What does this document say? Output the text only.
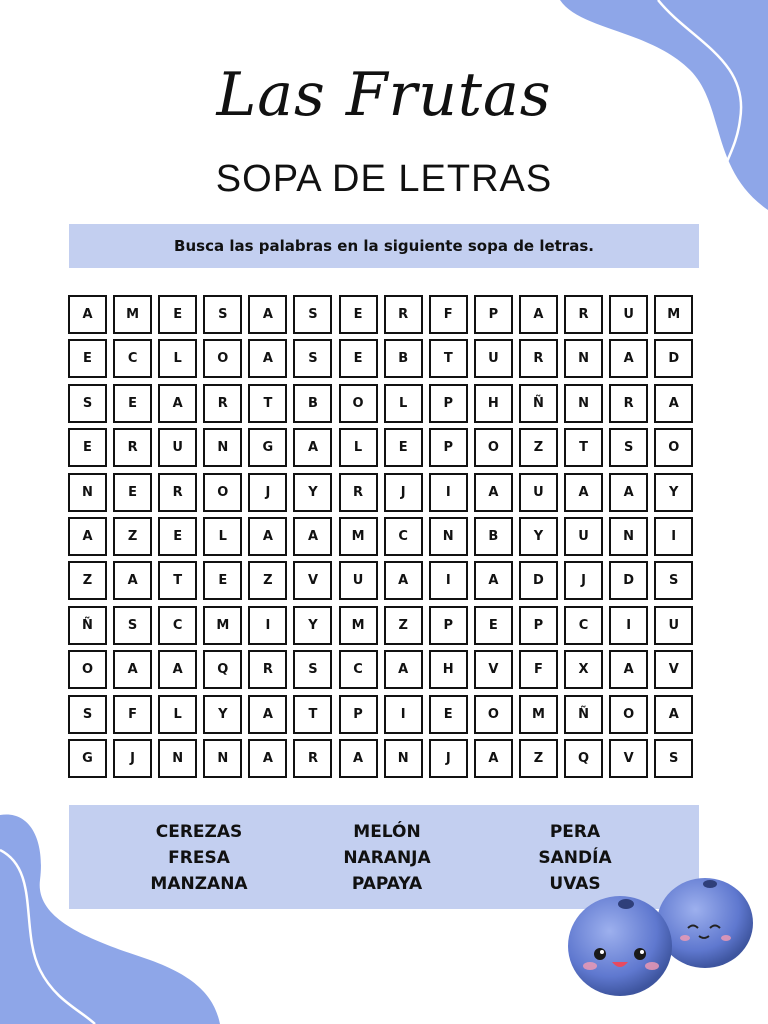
Las Frutas
SOPA DE LETRAS
Busca las palabras en la siguiente sopa de letras.
A	M	E	S	A	S	E	R	F	P	A	R	U	M
E	C	L	O	A	S	E	B	T	U	R	N	A	D
S	E	A	R	T	B	O	L	P	H	Ñ	N	R	A
E	R	U	N	G	A	L	E	P	O	Z	T	S	O
N	E	R	O	J	Y	R	J	I	A	U	A	A	Y
A	Z	E	L	A	A	M	C	N	B	Y	U	N	I
Z	A	T	E	Z	V	U	A	I	A	D	J	D	S
Ñ	S	C	M	I	Y	M	Z	P	E	P	C	I	U
O	A	A	Q	R	S	C	A	H	V	F	X	A	V
S	F	L	Y	A	T	P	I	E	O	M	Ñ	O	A
G	J	N	N	A	R	A	N	J	A	Z	Q	V	S
CEREZAS
FRESA
MANZANA
MELÓN
NARANJA
PAPAYA
PERA
SANDÍA
UVAS
